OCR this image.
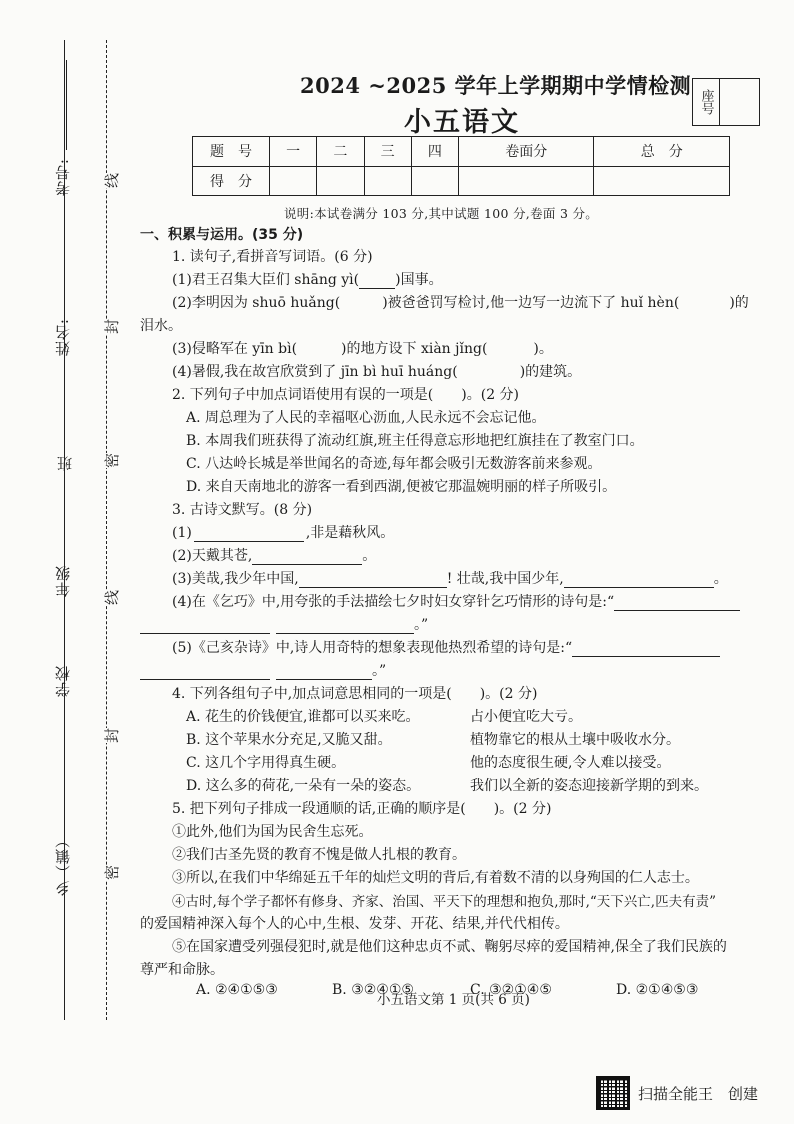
考号:
姓名:
班
年级
学校
乡（镇）
线
封
密
线
封
密
2024 ~2025 学年上学期期中学情检测
小五语文
座号
题　号	一	二	三	四	卷面分	总　分
得　分						
说明:本试卷满分 103 分,其中试题 100 分,卷面 3 分。
一、积累与运用。(35 分)
1. 读句子,看拼音写词语。(6 分)
(1)君王召集大臣们 shāng yì(	)国事。
(2)李明因为 shuō huǎng(	)被爸爸罚写检讨,他一边写一边流下了 huǐ hèn(	)的
泪水。
(3)侵略军在 yīn bì(	)的地方设下 xiàn jǐng(	)。
(4)暑假,我在故宫欣赏到了 jīn bì huī huáng(	)的建筑。
2. 下列句子中加点词语使用有误的一项是(　　)。(2 分)
A. 周总理为了人民的幸福呕心沥血,人民永远不会忘记他。
B. 本周我们班获得了流动红旗,班主任得意忘形地把红旗挂在了教室门口。
C. 八达岭长城是举世闻名的奇迹,每年都会吸引无数游客前来参观。
D. 来自天南地北的游客一看到西湖,便被它那温婉明丽的样子所吸引。
3. 古诗文默写。(8 分)
(1)	,非是藉秋风。
(2)天戴其苍,	。
(3)美哉,我少年中国,	! 壮哉,我中国少年,	。
(4)在《乞巧》中,用夸张的手法描绘七夕时妇女穿针乞巧情形的诗句是:“
。”
(5)《己亥杂诗》中,诗人用奇特的想象表现他热烈希望的诗句是:“
。”
4. 下列各组句子中,加点词意思相同的一项是(　　)。(2 分)
A. 花生的价钱便宜,谁都可以买来吃。	占小便宜吃大亏。
B. 这个苹果水分充足,又脆又甜。	植物靠它的根从土壤中吸收水分。
C. 这几个字用得真生硬。	他的态度很生硬,令人难以接受。
D. 这么多的荷花,一朵有一朵的姿态。	我们以全新的姿态迎接新学期的到来。
5. 把下列句子排成一段通顺的话,正确的顺序是(　　)。(2 分)
①此外,他们为国为民舍生忘死。
②我们古圣先贤的教育不愧是做人扎根的教育。
③所以,在我们中华绵延五千年的灿烂文明的背后,有着数不清的以身殉国的仁人志士。
④古时,每个学子都怀有修身、齐家、治国、平天下的理想和抱负,那时,“天下兴亡,匹夫有责”
的爱国精神深入每个人的心中,生根、发芽、开花、结果,并代代相传。
⑤在国家遭受列强侵犯时,就是他们这种忠贞不贰、鞠躬尽瘁的爱国精神,保全了我们民族的
尊严和命脉。
A. ②④①⑤③	B. ③②④①⑤	C. ③②①④⑤	D. ②①④⑤③
小五语文第 1 页(共 6 页)
扫描全能王　创建
